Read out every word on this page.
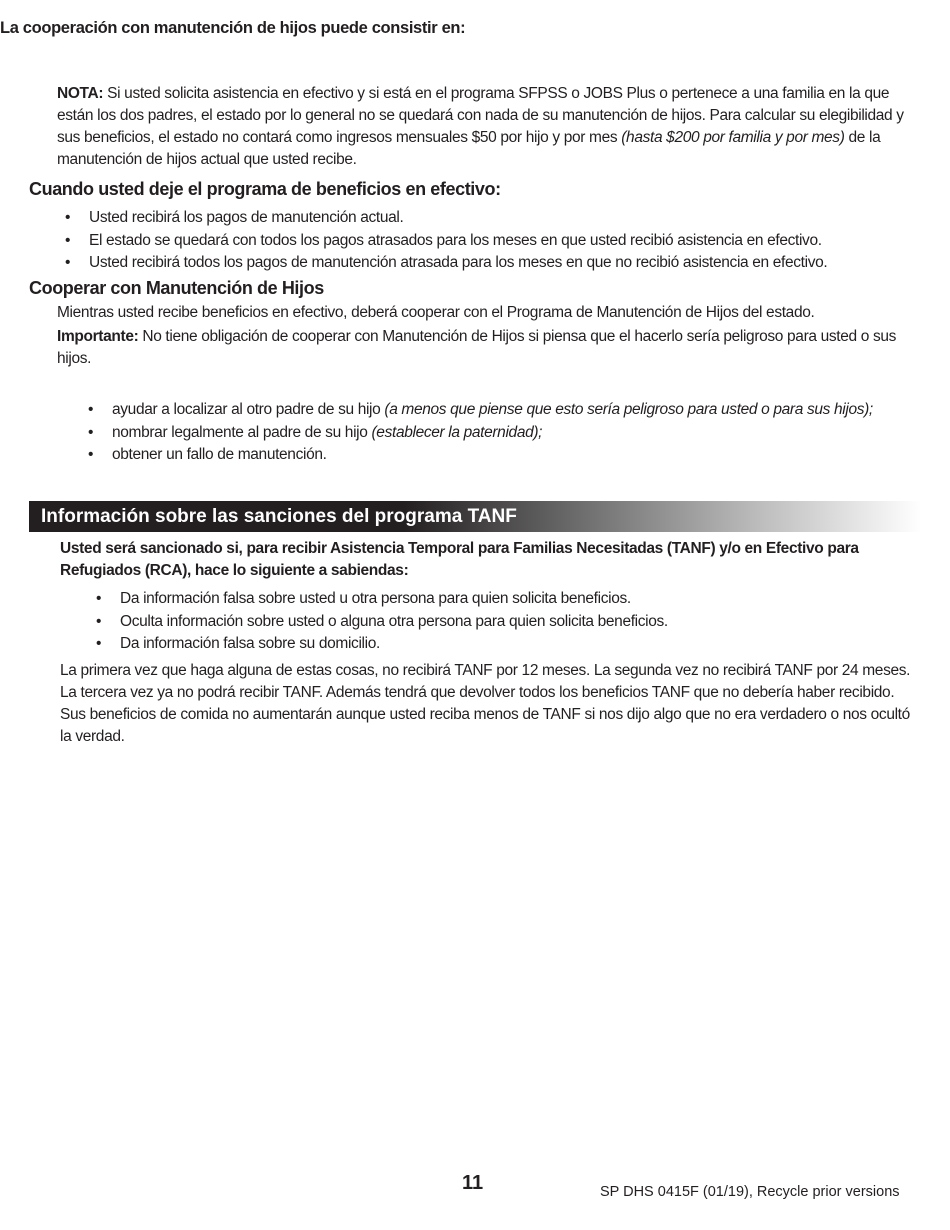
NOTA: Si usted solicita asistencia en efectivo y si está en el programa SFPSS o JOBS Plus o pertenece a una familia en la que están los dos padres, el estado por lo general no se quedará con nada de su manutención de hijos. Para calcular su elegibilidad y sus beneficios, el estado no contará como ingresos mensuales $50 por hijo y por mes (hasta $200 por familia y por mes) de la manutención de hijos actual que usted recibe.

Cuando usted deje el programa de beneficios en efectivo:
• Usted recibirá los pagos de manutención actual.
• El estado se quedará con todos los pagos atrasados para los meses en que usted recibió asistencia en efectivo.
• Usted recibirá todos los pagos de manutención atrasada para los meses en que no recibió asistencia en efectivo.
Cooperar con Manutención de Hijos

Mientras usted recibe beneficios en efectivo, deberá cooperar con el Programa de Manutención de Hijos del estado.

Importante: No tiene obligación de cooperar con Manutención de Hijos si piensa que el hacerlo sería peligroso para usted o sus hijos.

La cooperación con manutención de hijos puede consistir en:
• ayudar a localizar al otro padre de su hijo (a menos que piense que esto sería peligroso para usted o para sus hijos);
• nombrar legalmente al padre de su hijo (establecer la paternidad);
• obtener un fallo de manutención.
Información sobre las sanciones del programa TANF

Usted será sancionado si, para recibir Asistencia Temporal para Familias Necesitadas (TANF) y/o en Efectivo para Refugiados (RCA), hace lo siguiente a sabiendas:

• Da información falsa sobre usted u otra persona para quien solicita beneficios.
• Oculta información sobre usted o alguna otra persona para quien solicita beneficios.
• Da información falsa sobre su domicilio.

La primera vez que haga alguna de estas cosas, no recibirá TANF por 12 meses. La segunda vez no recibirá TANF por 24 meses. La tercera vez ya no podrá recibir TANF. Además tendrá que devolver todos los beneficios TANF que no debería haber recibido. Sus beneficios de comida no aumentarán aunque usted reciba menos de TANF si nos dijo algo que no era verdadero o nos ocultó la verdad.

11	SP DHS 0415F (01/19), Recycle prior versions
